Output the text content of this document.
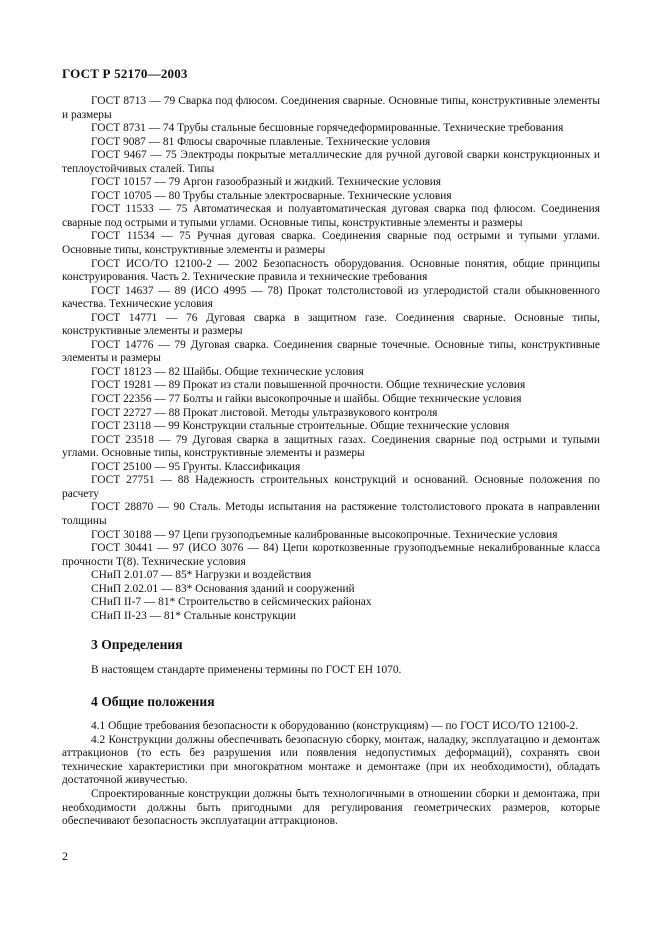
ГОСТ Р 52170—2003

ГОСТ 8713 — 79 Сварка под флюсом. Соединения сварные. Основные типы, конструктивные элементы и размеры

ГОСТ 8731 — 74 Трубы стальные бесшовные горячедеформированные. Технические требования

ГОСТ 9087 — 81 Флюсы сварочные плавленые. Технические условия

ГОСТ 9467 — 75 Электроды покрытые металлические для ручной дуговой сварки конструкционных и теплоустойчивых сталей. Типы

ГОСТ 10157 — 79 Аргон газообразный и жидкий. Технические условия

ГОСТ 10705 — 80 Трубы стальные электросварные. Технические условия

ГОСТ 11533 — 75 Автоматическая и полуавтоматическая дуговая сварка под флюсом. Соединения сварные под острыми и тупыми углами. Основные типы, конструктивные элементы и размеры

ГОСТ 11534 — 75 Ручная дуговая сварка. Соединения сварные под острыми и тупыми углами. Основные типы, конструктивные элементы и размеры

ГОСТ ИСО/ТО 12100-2 — 2002 Безопасность оборудования. Основные понятия, общие принципы конструирования. Часть 2. Технические правила и технические требования

ГОСТ 14637 — 89 (ИСО 4995 — 78) Прокат толстолистовой из углеродистой стали обыкновенного качества. Технические условия

ГОСТ 14771 — 76 Дуговая сварка в защитном газе. Соединения сварные. Основные типы, конструктивные элементы и размеры

ГОСТ 14776 — 79 Дуговая сварка. Соединения сварные точечные. Основные типы, конструктивные элементы и размеры

ГОСТ 18123 — 82 Шайбы. Общие технические условия

ГОСТ 19281 — 89 Прокат из стали повышенной прочности. Общие технические условия

ГОСТ 22356 — 77 Болты и гайки высокопрочные и шайбы. Общие технические условия

ГОСТ 22727 — 88 Прокат листовой. Методы ультразвукового контроля

ГОСТ 23118 — 99 Конструкции стальные строительные. Общие технические условия

ГОСТ 23518 — 79 Дуговая сварка в защитных газах. Соединения сварные под острыми и тупыми углами. Основные типы, конструктивные элементы и размеры

ГОСТ 25100 — 95 Грунты. Классификация

ГОСТ 27751 — 88 Надежность строительных конструкций и оснований. Основные положения по расчету

ГОСТ 28870 — 90 Сталь. Методы испытания на растяжение толстолистового проката в направлении толщины

ГОСТ 30188 — 97 Цепи грузоподъемные калиброванные высокопрочные. Технические условия

ГОСТ 30441 — 97 (ИСО 3076 — 84) Цепи короткозвенные грузоподъемные некалиброванные класса прочности Т(8). Технические условия

СНиП 2.01.07 — 85* Нагрузки и воздействия

СНиП 2.02.01 — 83* Основания зданий и сооружений

СНиП II-7 — 81* Строительство в сейсмических районах

СНиП II-23 — 81* Стальные конструкции

3 Определения

В настоящем стандарте применены термины по ГОСТ ЕН 1070.

4 Общие положения

4.1 Общие требования безопасности к оборудованию (конструкциям) — по ГОСТ ИСО/ТО 12100-2.

4.2 Конструкции должны обеспечивать безопасную сборку, монтаж, наладку, эксплуатацию и демонтаж аттракционов (то есть без разрушения или появления недопустимых деформаций), сохранять свои технические характеристики при многократном монтаже и демонтаже (при их необходимости), обладать достаточной живучестью.

Спроектированные конструкции должны быть технологичными в отношении сборки и демонтажа, при необходимости должны быть пригодными для регулирования геометрических размеров, которые обеспечивают безопасность эксплуатации аттракционов.

2
